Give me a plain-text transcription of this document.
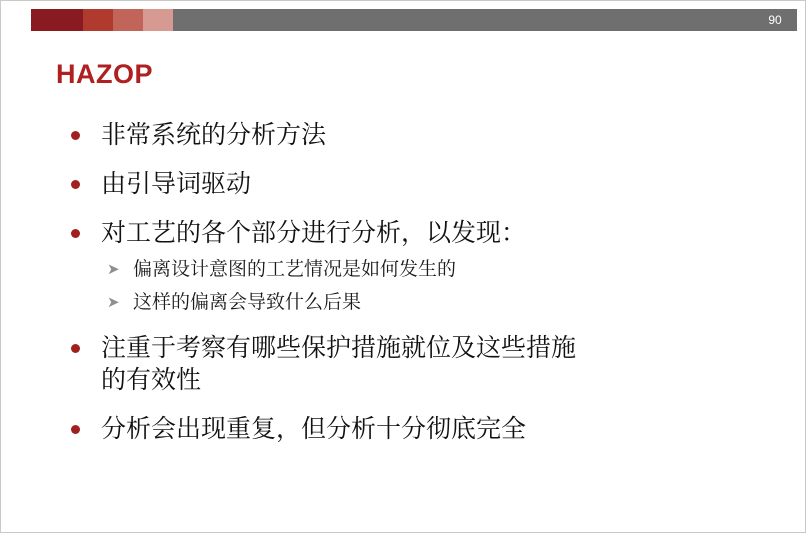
90
HAZOP
非常系统的分析方法
由引导词驱动
对工艺的各个部分进行分析，以发现：
➤ 偏离设计意图的工艺情况是如何发生的
➤ 这样的偏离会导致什么后果
注重于考察有哪些保护措施就位及这些措施
的有效性
分析会出现重复，但分析十分彻底完全
